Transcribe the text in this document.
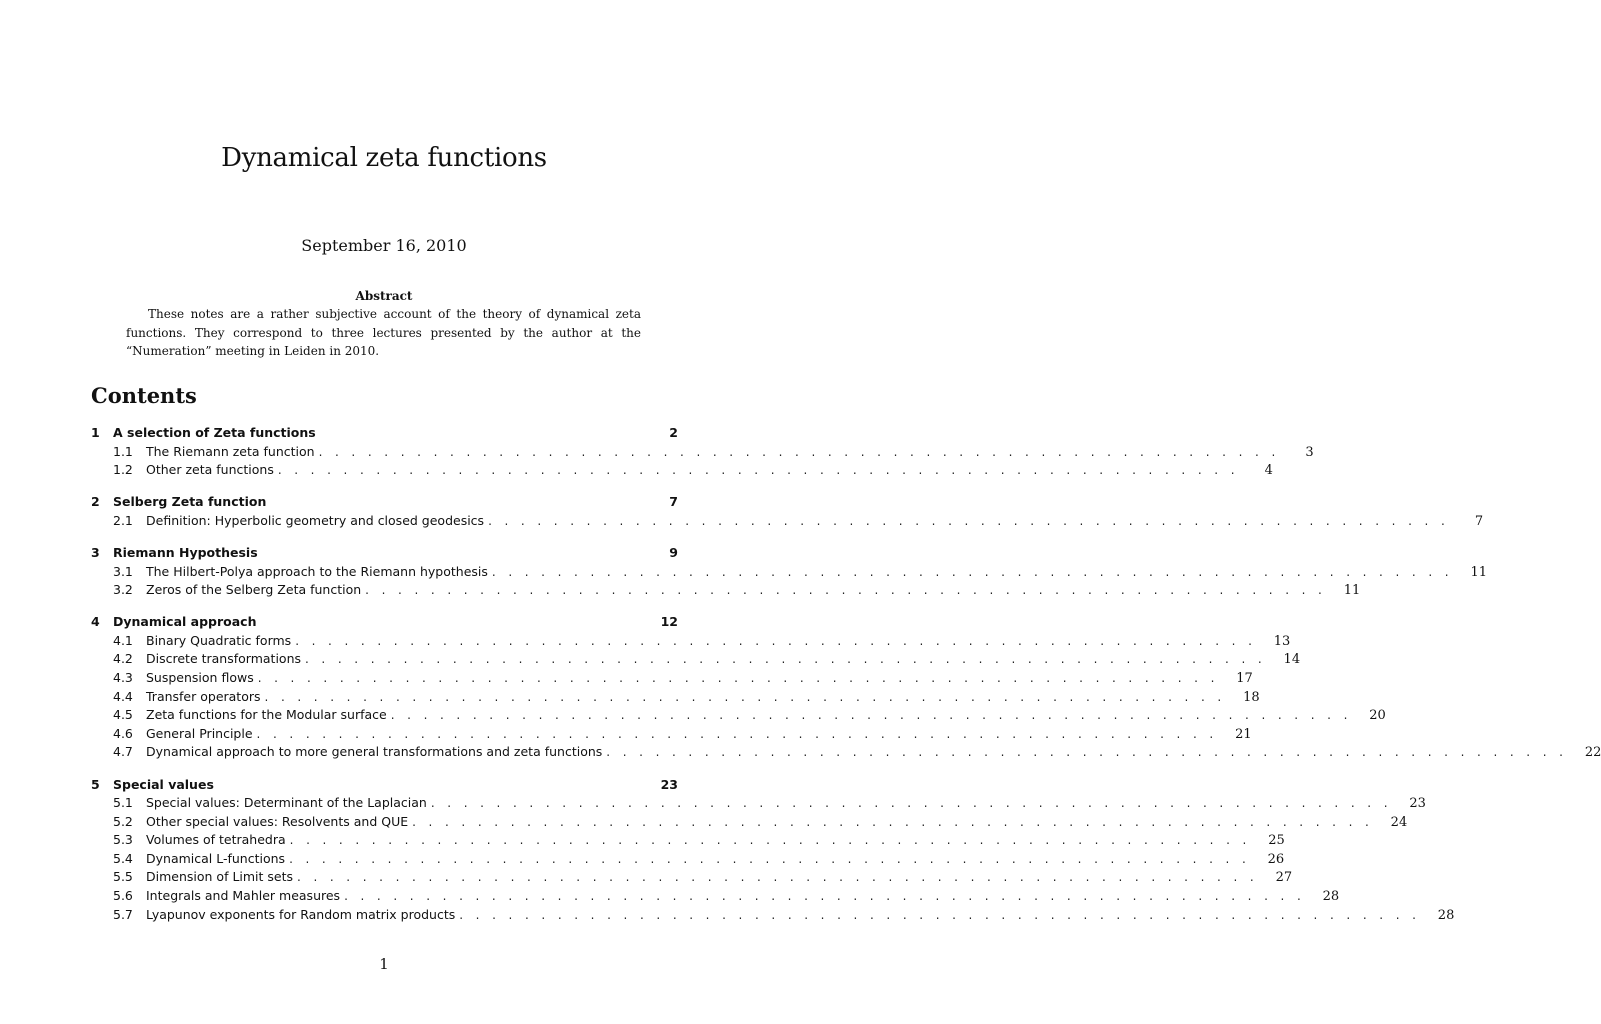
Dynamical zeta functions
September 16, 2010
Abstract
These notes are a rather subjective account of the theory of dynamical zeta functions. They correspond to three lectures presented by the author at the “Numeration” meeting in Leiden in 2010.
Contents
1	A selection of Zeta functions	2
1.1	The Riemann zeta function . . . . . . . . . . . . . . . . . . . . . . . . . . . . . . . . . . . . . . . . . . . . . . . . . . . . . . . . . . .	3
1.2	Other zeta functions . . . . . . . . . . . . . . . . . . . . . . . . . . . . . . . . . . . . . . . . . . . . . . . . . . . . . . . . . . .	4
2	Selberg Zeta function	7
2.1	Definition: Hyperbolic geometry and closed geodesics . . . . . . . . . . . . . . . . . . . . . . . . . . . . . . . . . . . . . . . . . . . . . . . . . . . . . . . . . . .	7
3	Riemann Hypothesis	9
3.1	The Hilbert-Polya approach to the Riemann hypothesis . . . . . . . . . . . . . . . . . . . . . . . . . . . . . . . . . . . . . . . . . . . . . . . . . . . . . . . . . . .	11
3.2	Zeros of the Selberg Zeta function . . . . . . . . . . . . . . . . . . . . . . . . . . . . . . . . . . . . . . . . . . . . . . . . . . . . . . . . . . .	11
4	Dynamical approach	12
4.1	Binary Quadratic forms . . . . . . . . . . . . . . . . . . . . . . . . . . . . . . . . . . . . . . . . . . . . . . . . . . . . . . . . . . .	13
4.2	Discrete transformations . . . . . . . . . . . . . . . . . . . . . . . . . . . . . . . . . . . . . . . . . . . . . . . . . . . . . . . . . . .	14
4.3	Suspension flows . . . . . . . . . . . . . . . . . . . . . . . . . . . . . . . . . . . . . . . . . . . . . . . . . . . . . . . . . . .	17
4.4	Transfer operators . . . . . . . . . . . . . . . . . . . . . . . . . . . . . . . . . . . . . . . . . . . . . . . . . . . . . . . . . . .	18
4.5	Zeta functions for the Modular surface . . . . . . . . . . . . . . . . . . . . . . . . . . . . . . . . . . . . . . . . . . . . . . . . . . . . . . . . . . .	20
4.6	General Principle . . . . . . . . . . . . . . . . . . . . . . . . . . . . . . . . . . . . . . . . . . . . . . . . . . . . . . . . . . .	21
4.7	Dynamical approach to more general transformations and zeta functions . . . . . . . . . . . . . . . . . . . . . . . . . . . . . . . . . . . . . . . . . . . . . . . . . . . . . . . . . . .	22
5	Special values	23
5.1	Special values: Determinant of the Laplacian . . . . . . . . . . . . . . . . . . . . . . . . . . . . . . . . . . . . . . . . . . . . . . . . . . . . . . . . . . .	23
5.2	Other special values: Resolvents and QUE . . . . . . . . . . . . . . . . . . . . . . . . . . . . . . . . . . . . . . . . . . . . . . . . . . . . . . . . . . .	24
5.3	Volumes of tetrahedra . . . . . . . . . . . . . . . . . . . . . . . . . . . . . . . . . . . . . . . . . . . . . . . . . . . . . . . . . . .	25
5.4	Dynamical L-functions . . . . . . . . . . . . . . . . . . . . . . . . . . . . . . . . . . . . . . . . . . . . . . . . . . . . . . . . . . .	26
5.5	Dimension of Limit sets . . . . . . . . . . . . . . . . . . . . . . . . . . . . . . . . . . . . . . . . . . . . . . . . . . . . . . . . . . .	27
5.6	Integrals and Mahler measures . . . . . . . . . . . . . . . . . . . . . . . . . . . . . . . . . . . . . . . . . . . . . . . . . . . . . . . . . . .	28
5.7	Lyapunov exponents for Random matrix products . . . . . . . . . . . . . . . . . . . . . . . . . . . . . . . . . . . . . . . . . . . . . . . . . . . . . . . . . . .	28
1
